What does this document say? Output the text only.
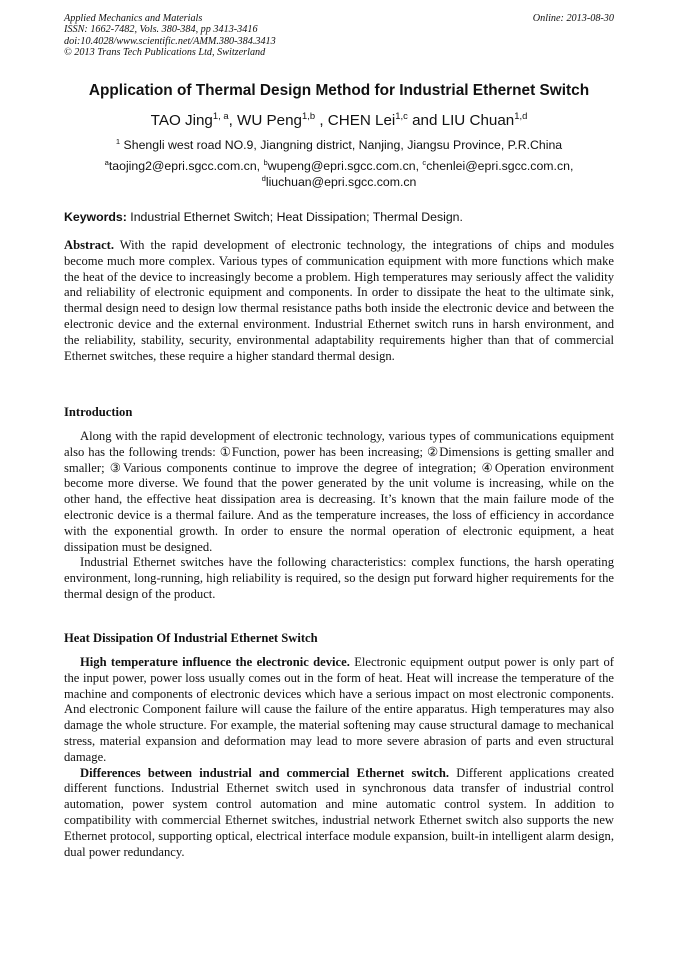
Applied Mechanics and Materials
ISSN: 1662-7482, Vols. 380-384, pp 3413-3416
doi:10.4028/www.scientific.net/AMM.380-384.3413
© 2013 Trans Tech Publications Ltd, Switzerland
Online: 2013-08-30
Application of Thermal Design Method for Industrial Ethernet Switch
TAO Jing$^{1, a}$, WU Peng$^{1,b}$ , CHEN Lei$^{1,c}$ and LIU Chuan$^{1,d}$
$^1$ Shengli west road NO.9, Jiangning district, Nanjing, Jiangsu Province, P.R.China
$^a$taojing2@epri.sgcc.com.cn, $^b$wupeng@epri.sgcc.com.cn, $^c$chenlei@epri.sgcc.com.cn,
$^d$liuchuan@epri.sgcc.com.cn
Keywords: Industrial Ethernet Switch; Heat Dissipation; Thermal Design.

Abstract. With the rapid development of electronic technology, the integrations of chips and modules become much more complex. Various types of communication equipment with more functions which make the heat of the device to increasingly become a problem. High temperatures may seriously affect the validity and reliability of electronic equipment and components. In order to dissipate the heat to the ultimate sink, thermal design need to design low thermal resistance paths both inside the electronic device and between the electronic device and the external environment. Industrial Ethernet switch runs in harsh environment, and the reliability, stability, security, environmental adaptability requirements higher than that of commercial Ethernet switches, these require a higher standard thermal design.

Introduction

Along with the rapid development of electronic technology, various types of communications equipment also has the following trends: ①Function, power has been increasing; ②Dimensions is getting smaller and smaller; ③Various components continue to improve the degree of integration; ④Operation environment become more diverse. We found that the power generated by the unit volume is increasing, while on the other hand, the effective heat dissipation area is decreasing. It’s known that the main failure mode of the electronic device is a thermal failure. And as the temperature increases, the loss of efficiency in accordance with the exponential growth. In order to ensure the normal operation of electronic equipment, a heat dissipation must be designed.

Industrial Ethernet switches have the following characteristics: complex functions, the harsh operating environment, long-running, high reliability is required, so the design put forward higher requirements for the thermal design of the product.

Heat Dissipation Of Industrial Ethernet Switch

High temperature influence the electronic device. Electronic equipment output power is only part of the input power, power loss usually comes out in the form of heat. Heat will increase the temperature of the machine and components of electronic devices which have a serious impact on most electronic components. And electronic Component failure will cause the failure of the entire apparatus. High temperatures may also damage the whole structure. For example, the material softening may cause structural damage to mechanical stress, material expansion and deformation may lead to more severe abrasion of parts and even structural damage.

Differences between industrial and commercial Ethernet switch. Different applications created different functions. Industrial Ethernet switch used in synchronous data transfer of industrial control automation, power system control automation and mine automatic control system. In addition to compatibility with commercial Ethernet switches, industrial network Ethernet switch also supports the new Ethernet protocol, supporting optical, electrical interface module expansion, built-in intelligent alarm design, dual power redundancy.
